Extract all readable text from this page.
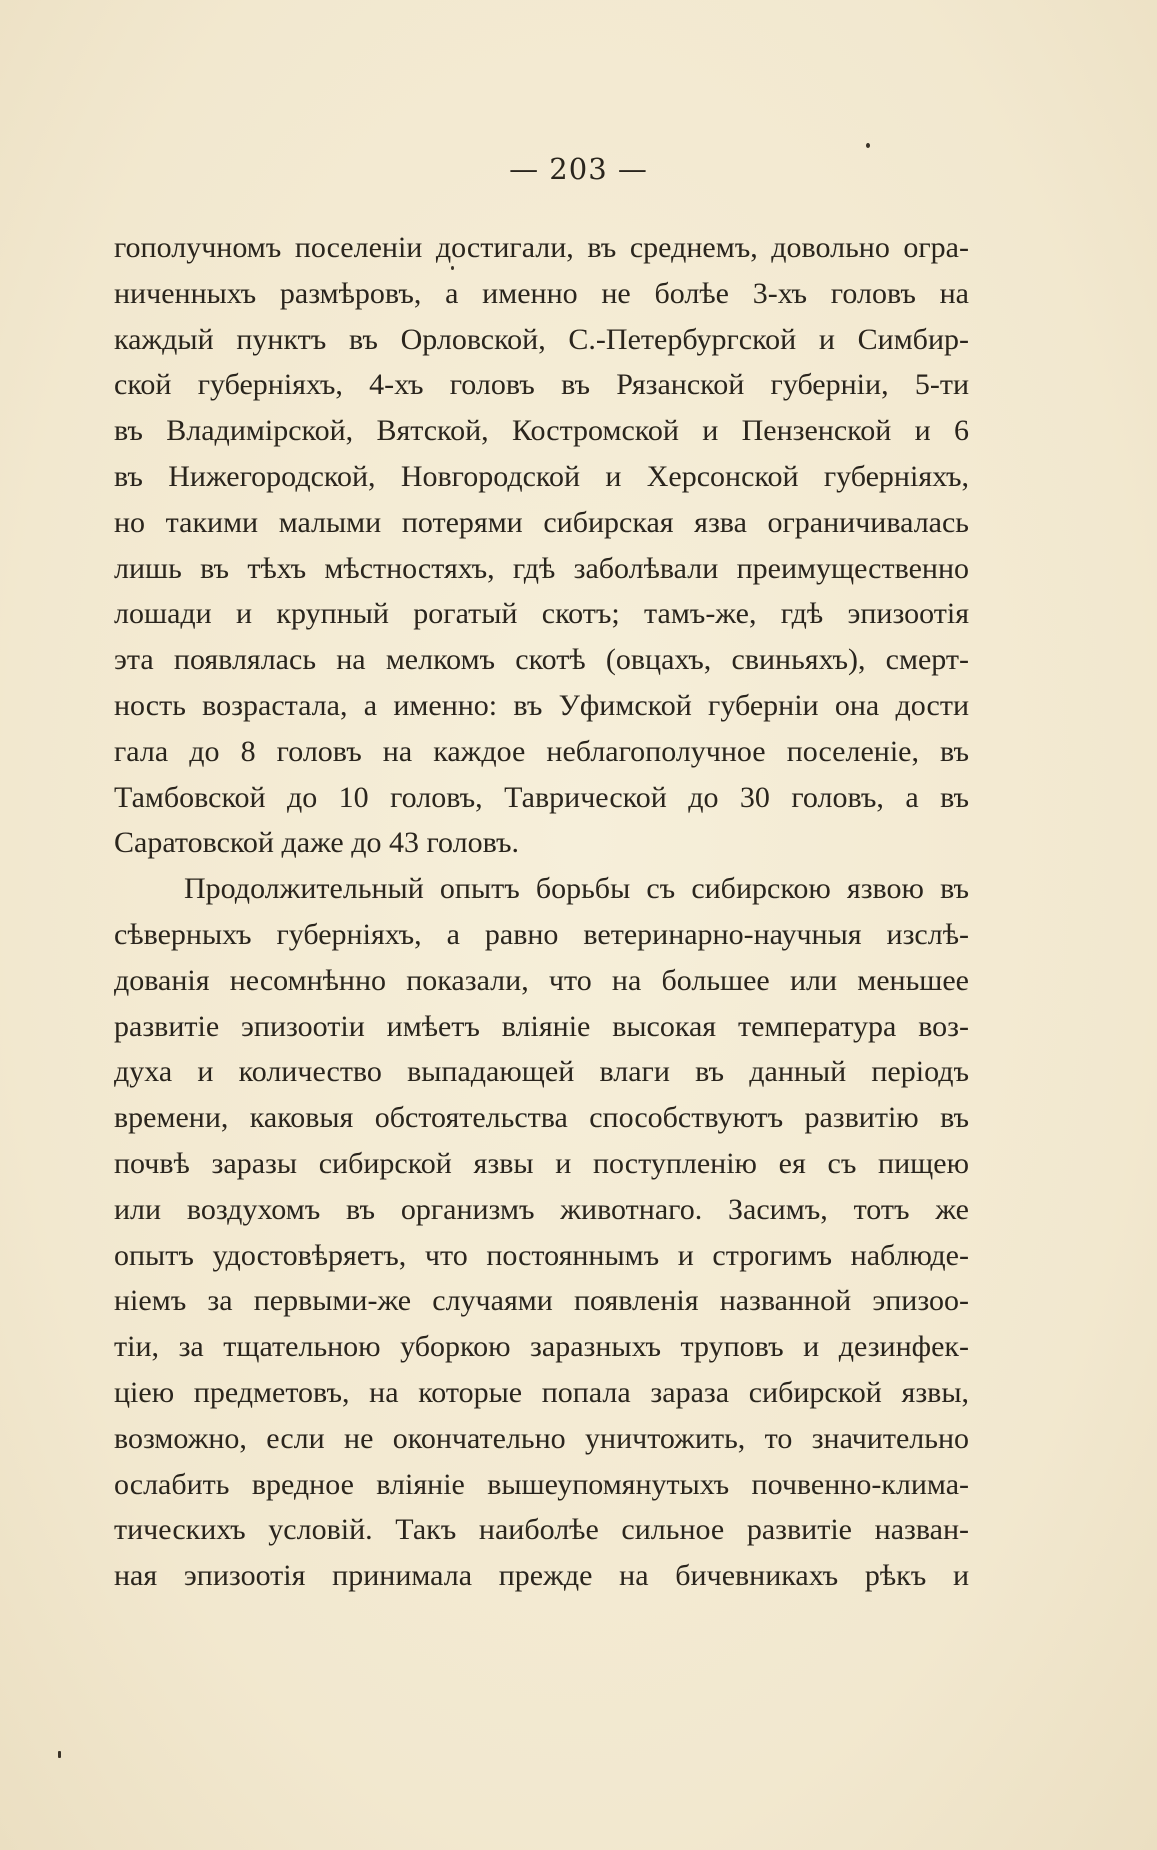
— 203 —
гополучномъ поселеніи достигали, въ среднемъ, довольно огра-
ниченныхъ размѣровъ, а именно не болѣе 3-хъ головъ на
каждый пунктъ въ Орловской, С.-Петербургской и Симбир-
ской губерніяхъ, 4-хъ головъ въ Рязанской губерніи, 5-ти
въ Владимірской, Вятской, Костромской и Пензенской и 6
въ Нижегородской, Новгородской и Херсонской губерніяхъ,
но такими малыми потерями сибирская язва ограничивалась
лишь въ тѣхъ мѣстностяхъ, гдѣ заболѣвали преимущественно
лошади и крупный рогатый скотъ; тамъ-же, гдѣ эпизоотія
эта появлялась на мелкомъ скотѣ (овцахъ, свиньяхъ), смерт-
ность возрастала, а именно: въ Уфимской губерніи она дости
гала до 8 головъ на каждое неблагополучное поселеніе, въ
Тамбовской до 10 головъ, Таврической до 30 головъ, а въ
Саратовской даже до 43 головъ.
Продолжительный опытъ борьбы съ сибирскою язвою въ
сѣверныхъ губерніяхъ, а равно ветеринарно-научныя изслѣ-
дованія несомнѣнно показали, что на большее или меньшее
развитіе эпизоотіи имѣетъ вліяніе высокая температура воз-
духа и количество выпадающей влаги въ данный періодъ
времени, каковыя обстоятельства способствуютъ развитію въ
почвѣ заразы сибирской язвы и поступленію ея съ пищею
или воздухомъ въ организмъ животнаго. Засимъ, тотъ же
опытъ удостовѣряетъ, что постояннымъ и строгимъ наблюде-
ніемъ за первыми-же случаями появленія названной эпизоо-
тіи, за тщательною уборкою заразныхъ труповъ и дезинфек-
ціею предметовъ, на которые попала зараза сибирской язвы,
возможно, если не окончательно уничтожить, то значительно
ослабить вредное вліяніе вышеупомянутыхъ почвенно-клима-
тическихъ условій. Такъ наиболѣе сильное развитіе назван-
ная эпизоотія принимала прежде на бичевникахъ рѣкъ и
